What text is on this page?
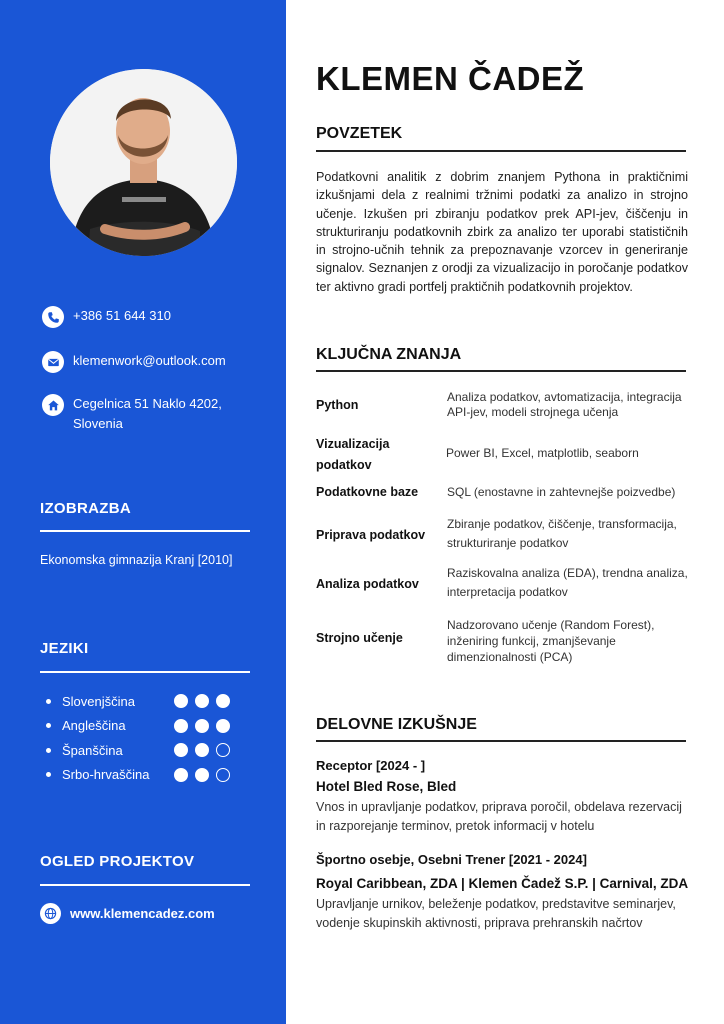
+386 51 644 310
klemenwork@outlook.com
Cegelnica 51 Naklo 4202,
Slovenia
IZOBRAZBA
Ekonomska gimnazija Kranj [2010]
JEZIKI
Slovenjščina
Angleščina
Španščina
Srbo-hrvaščina
OGLED PROJEKTOV
www.klemencadez.com
KLEMEN ČADEŽ
POVZETEK
Podatkovni analitik z dobrim znanjem Pythona in praktičnimi izkušnjami dela z realnimi tržnimi podatki za analizo in strojno učenje. Izkušen pri zbiranju podatkov prek API-jev, čiščenju in strukturiranju podatkovnih zbirk za analizo ter uporabi statističnih in strojno-učnih tehnik za prepoznavanje vzorcev in generiranje signalov. Seznanjen z orodji za vizualizacijo in poročanje podatkov ter aktivno gradi portfelj praktičnih podatkovnih projektov.
KLJUČNA ZNANJA
Python
Analiza podatkov, avtomatizacija, integracija API-jev, modeli strojnega učenja
Vizualizacija podatkov
Power BI, Excel, matplotlib, seaborn
Podatkovne baze	SQL (enostavne in zahtevnejše poizvedbe)
Priprava podatkov
Zbiranje podatkov, čiščenje, transformacija, strukturiranje podatkov
Analiza podatkov
Raziskovalna analiza (EDA), trendna analiza, interpretacija podatkov
Strojno učenje
Nadzorovano učenje (Random Forest), inženiring funkcij, zmanjševanje dimenzionalnosti (PCA)
DELOVNE IZKUŠNJE
Receptor [2024 - ]
Hotel Bled Rose, Bled
Vnos in upravljanje podatkov, priprava poročil, obdelava rezervacij in razporejanje terminov, pretok informacij v hotelu
Športno osebje, Osebni Trener [2021 - 2024]
Royal Caribbean, ZDA | Klemen Čadež S.P. | Carnival, ZDA
Upravljanje urnikov, beleženje podatkov, predstavitve seminarjev, vodenje skupinskih aktivnosti, priprava prehranskih načrtov
